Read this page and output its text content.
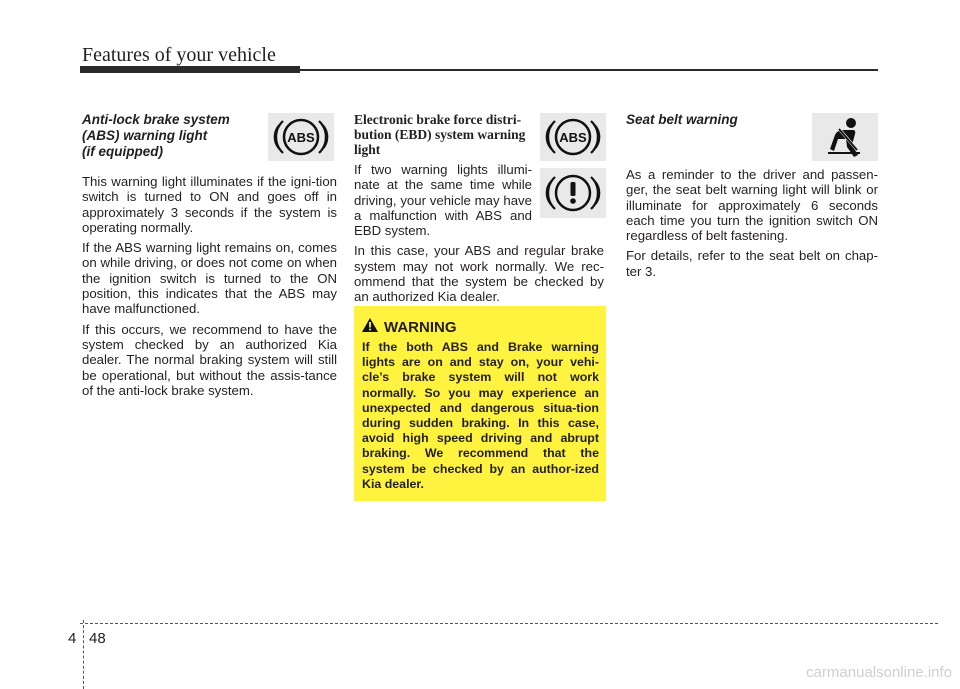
Features of your vehicle
Anti-lock brake system
(ABS) warning light
(if equipped)

This warning light illuminates if the igni-tion switch is turned to ON and goes off in approximately 3 seconds if the system is operating normally.

If the ABS warning light remains on, comes on while driving, or does not come on when the ignition switch is turned to the ON position, this indicates that the ABS may have malfunctioned.

If this occurs, we recommend to have the system checked by an authorized Kia dealer. The normal braking system will still be operational, but without the assis-tance of the anti-lock brake system.

ABS
Electronic brake force distri-
bution (EBD) system warning
light

If two warning lights illumi-nate at the same time while driving, your vehicle may have a malfunction with ABS and EBD system.

In this case, your ABS and regular brake system may not work normally. We rec-ommend that the system be checked by an authorized Kia dealer.

ABS
WARNING

If the both ABS and Brake warning lights are on and stay on, your vehi-cle’s brake system will not work normally. So you may experience an unexpected and dangerous situa-tion during sudden braking. In this case, avoid high speed driving and abrupt braking. We recommend that the system be checked by an author-ized Kia dealer.

Seat belt warning

As a reminder to the driver and passen-ger, the seat belt warning light will blink or illuminate for approximately 6 seconds each time you turn the ignition switch ON regardless of belt fastening.

For details, refer to the seat belt on chap-ter 3.

4 48
carmanualsonline.info
